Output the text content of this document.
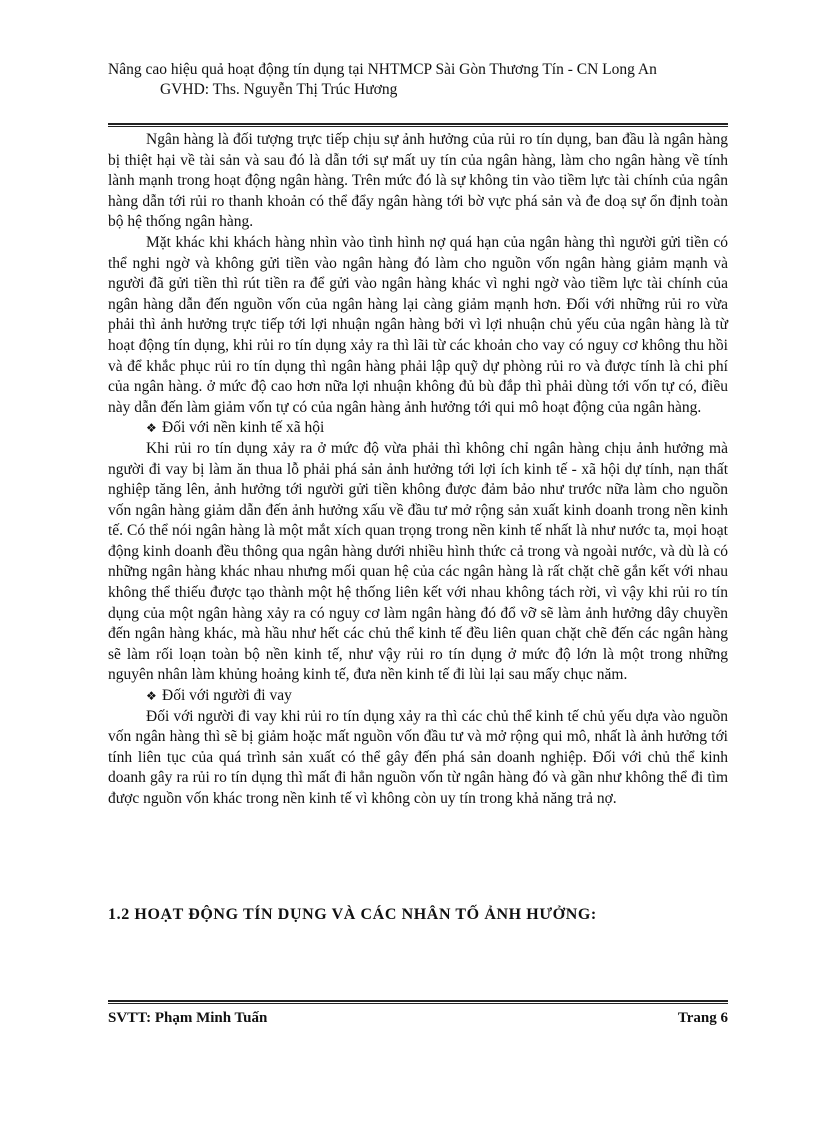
Nâng cao hiệu quả hoạt động tín dụng tại NHTMCP Sài Gòn Thương Tín - CN Long An
GVHD: Ths. Nguyễn Thị Trúc Hương

Ngân hàng là đối tượng trực tiếp chịu sự ảnh hưởng của rủi ro tín dụng, ban đầu là ngân hàng bị thiệt hại về tài sản và sau đó là dẫn tới sự mất uy tín của ngân hàng, làm cho ngân hàng về tính lành mạnh trong hoạt động ngân hàng. Trên mức đó là sự không tin vào tiềm lực tài chính của ngân hàng dẫn tới rủi ro thanh khoản có thể đẩy ngân hàng tới bờ vực phá sản và đe doạ sự ổn định toàn bộ hệ thống ngân hàng.

Mặt khác khi khách hàng nhìn vào tình hình nợ quá hạn của ngân hàng thì người gửi tiền có thể nghi ngờ và không gửi tiền vào ngân hàng đó làm cho nguồn vốn ngân hàng giảm mạnh và người đã gửi tiền thì rút tiền ra để gửi vào ngân hàng khác vì nghi ngờ vào tiềm lực tài chính của ngân hàng dẫn đến nguồn vốn của ngân hàng lại càng giảm mạnh hơn. Đối với những rủi ro vừa phải thì ảnh hưởng trực tiếp tới lợi nhuận ngân hàng bởi vì lợi nhuận chủ yếu của ngân hàng là từ hoạt động tín dụng, khi rủi ro tín dụng xảy ra thì lãi từ các khoản cho vay có nguy cơ không thu hồi và để khắc phục rủi ro tín dụng thì ngân hàng phải lập quỹ dự phòng rủi ro và được tính là chi phí của ngân hàng. ở mức độ cao hơn nữa lợi nhuận không đủ bù đắp thì phải dùng tới vốn tự có, điều này dẫn đến làm giảm vốn tự có của ngân hàng ảnh hưởng tới qui mô hoạt động của ngân hàng.

❖ Đối với nền kinh tế xã hội

Khi rủi ro tín dụng xảy ra ở mức độ vừa phải thì không chỉ ngân hàng chịu ảnh hưởng mà người đi vay bị làm ăn thua lỗ phải phá sản ảnh hưởng tới lợi ích kinh tế - xã hội dự tính, nạn thất nghiệp tăng lên, ảnh hưởng tới người gửi tiền không được đảm bảo như trước nữa làm cho nguồn vốn ngân hàng giảm dẫn đến ảnh hưởng xấu về đầu tư mở rộng sản xuất kinh doanh trong nền kinh tế. Có thể nói ngân hàng là một mắt xích quan trọng trong nền kinh tế nhất là như nước ta, mọi hoạt động kinh doanh đều thông qua ngân hàng dưới nhiều hình thức cả trong và ngoài nước, và dù là có những ngân hàng khác nhau nhưng mối quan hệ của các ngân hàng là rất chặt chẽ gắn kết với nhau không thể thiếu được tạo thành một hệ thống liên kết với nhau không tách rời, vì vậy khi rủi ro tín dụng của một ngân hàng xảy ra có nguy cơ làm ngân hàng đó đổ vỡ sẽ làm ảnh hưởng dây chuyền đến ngân hàng khác, mà hầu như hết các chủ thể kinh tế đều liên quan chặt chẽ đến các ngân hàng sẽ làm rối loạn toàn bộ nền kinh tế, như vậy rủi ro tín dụng ở mức độ lớn là một trong những nguyên nhân làm khủng hoảng kinh tế, đưa nền kinh tế đi lùi lại sau mấy chục năm.

❖ Đối với người đi vay

Đối với người đi vay khi rủi ro tín dụng xảy ra thì các chủ thể kinh tế chủ yếu dựa vào nguồn vốn ngân hàng thì sẽ bị giảm hoặc mất nguồn vốn đầu tư và mở rộng qui mô, nhất là ảnh hưởng tới tính liên tục của quá trình sản xuất có thể gây đến phá sản doanh nghiệp. Đối với chủ thể kinh doanh gây ra rủi ro tín dụng thì mất đi hẳn nguồn vốn từ ngân hàng đó và gần như không thể đi tìm được nguồn vốn khác trong nền kinh tế vì không còn uy tín trong khả năng trả nợ.

1.2 HOẠT ĐỘNG TÍN DỤNG VÀ CÁC NHÂN TỐ ẢNH HƯỞNG:
SVTT: Phạm Minh Tuấn	Trang 6
